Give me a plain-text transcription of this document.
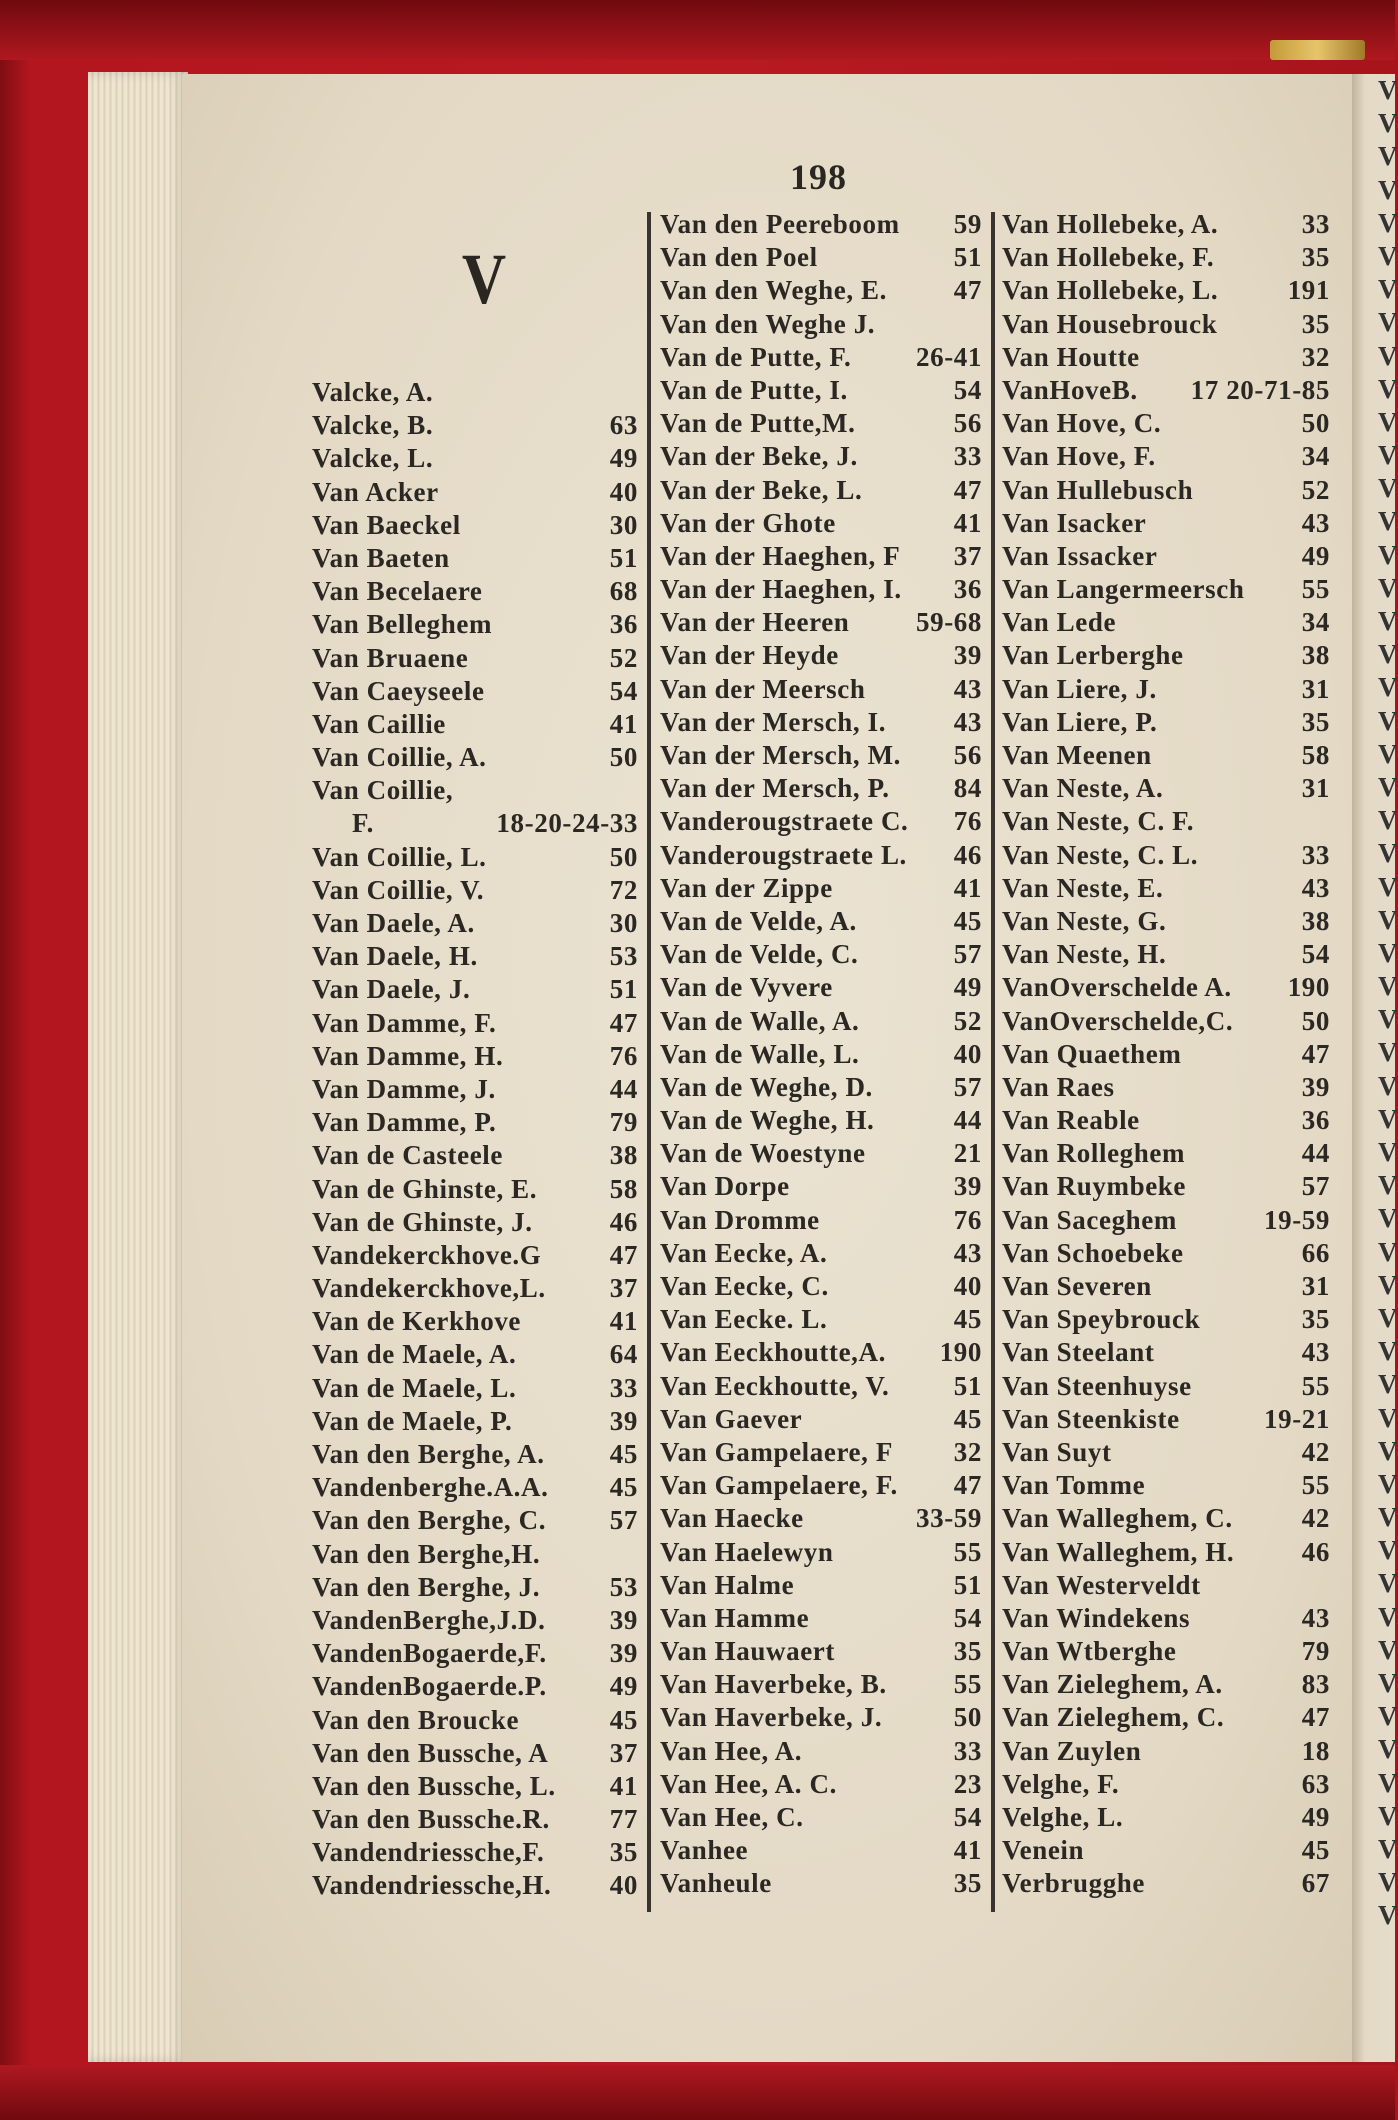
V
V
V
V
V
V
V
V
V
V
V
V
V
V
V
V
V
V
V
V
V
V
V
V
V
V
V
V
V
V
V
V
V
V
V
V
V
V
V
V
V
V
V
V
V
V
V
V
V
V
V
V
V
V
V
V
198
V
Valcke, A.
Valcke, B.	63
Valcke, L.	49
Van Acker	40
Van Baeckel	30
Van Baeten	51
Van Becelaere	68
Van Belleghem	36
Van Bruaene	52
Van Caeyseele	54
Van Caillie	41
Van Coillie, A.	50
Van Coillie,
F.	18-20-24-33
Van Coillie, L.	50
Van Coillie, V.	72
Van Daele, A.	30
Van Daele, H.	53
Van Daele, J.	51
Van Damme, F.	47
Van Damme, H.	76
Van Damme, J.	44
Van Damme, P.	79
Van de Casteele	38
Van de Ghinste, E.	58
Van de Ghinste, J.	46
Vandekerckhove.G	47
Vandekerckhove,L. 37
Van de Kerkhove	41
Van de Maele, A.	64
Van de Maele, L.	33
Van de Maele, P.	39
Van den Berghe, A. 45
Vandenberghe.A.A. 45
Van den Berghe, C. 57
Van den Berghe,H.
Van den Berghe, J.	53
VandenBerghe,J.D. 39
VandenBogaerde,F. 39
VandenBogaerde.P. 49
Van den Broucke	45
Van den Bussche, A 37
Van den Bussche, L. 41
Van den Bussche.R. 77
Vandendriessche,F. 35
Vandendriessche,H. 40
Van den Peereboom 59
Van den Poel	51
Van den Weghe, E. 47
Van den Weghe J.
Van de Putte, F. 26-41
Van de Putte, I.	54
Van de Putte,M.	56
Van der Beke, J.	33
Van der Beke, L.	47
Van der Ghote	41
Van der Haeghen, F 37
Van der Haeghen, I. 36
Van der Heeren 59-68
Van der Heyde	39
Van der Meersch	43
Van der Mersch, I.	43
Van der Mersch, M. 56
Van der Mersch, P. 84
Vanderougstraete C. 76
Vanderougstraete L. 46
Van der Zippe	41
Van de Velde, A.	45
Van de Velde, C.	57
Van de Vyvere	49
Van de Walle, A.	52
Van de Walle, L.	40
Van de Weghe, D.	57
Van de Weghe, H.	44
Van de Woestyne	21
Van Dorpe	39
Van Dromme	76
Van Eecke, A.	43
Van Eecke, C.	40
Van Eecke. L.	45
Van Eeckhoutte,A. 190
Van Eeckhoutte, V. 51
Van Gaever	45
Van Gampelaere, F 32
Van Gampelaere, F. 47
Van Haecke	33-59
Van Haelewyn	55
Van Halme	51
Van Hamme	54
Van Hauwaert	35
Van Haverbeke, B. 55
Van Haverbeke, J.	50
Van Hee, A.	33
Van Hee, A. C.	23
Van Hee, C.	54
Vanhee	41
Vanheule	35
Van Hollebeke, A.	33
Van Hollebeke, F.	35
Van Hollebeke, L.	191
Van Housebrouck	35
Van Houtte	32
VanHoveB. 17 20-71-85
Van Hove, C.	50
Van Hove, F.	34
Van Hullebusch	52
Van Isacker	43
Van Issacker	49
Van Langermeersch 55
Van Lede	34
Van Lerberghe	38
Van Liere, J.	31
Van Liere, P.	35
Van Meenen	58
Van Neste, A.	31
Van Neste, C. F.
Van Neste, C. L.	33
Van Neste, E.	43
Van Neste, G.	38
Van Neste, H.	54
VanOverschelde A. 190
VanOverschelde,C.	50
Van Quaethem	47
Van Raes	39
Van Reable	36
Van Rolleghem	44
Van Ruymbeke	57
Van Saceghem	19-59
Van Schoebeke	66
Van Severen	31
Van Speybrouck	35
Van Steelant	43
Van Steenhuyse	55
Van Steenkiste	19-21
Van Suyt	42
Van Tomme	55
Van Walleghem, C.	42
Van Walleghem, H.	46
Van Westerveldt
Van Windekens	43
Van Wtberghe	79
Van Zieleghem, A.	83
Van Zieleghem, C.	47
Van Zuylen	18
Velghe, F.	63
Velghe, L.	49
Venein	45
Verbrugghe	67
